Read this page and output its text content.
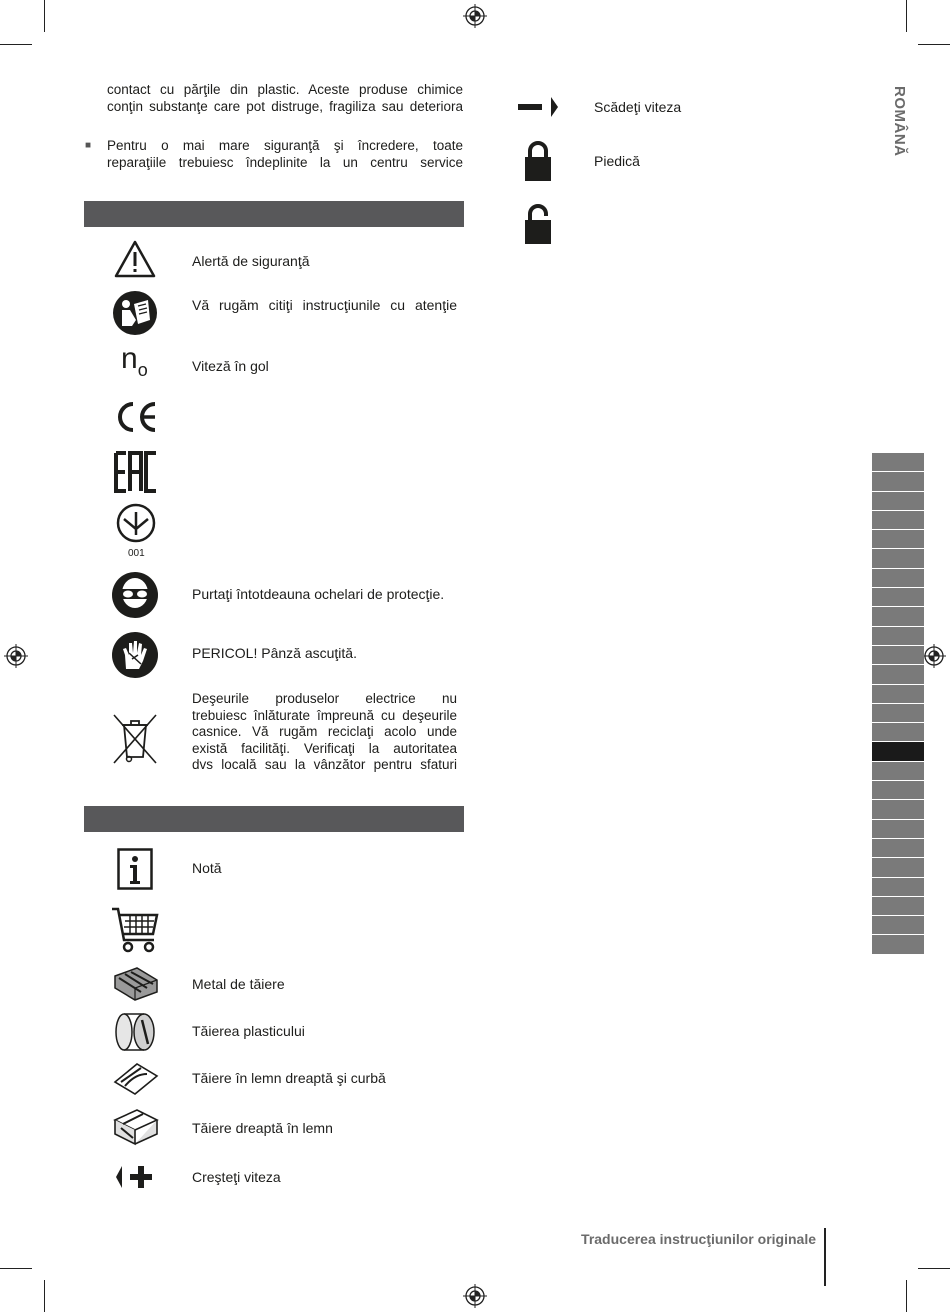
contact cu părţile din plastic. Aceste produse chimice
conţin substanţe care pot distruge, fragiliza sau deteriora
■ Pentru o mai mare siguranţă şi încredere, toate
reparaţiile trebuiesc îndeplinite la un centru service
Alertă de siguranţă
Vă rugăm citiţi instrucţiunile cu atenţie
$n_o$	Viteză în gol
001
Purtaţi întotdeauna ochelari de protecţie.
PERICOL! Pânză ascuţită.
Deşeurile produselor electrice nu
trebuiesc înlăturate împreună cu deşeurile
casnice. Vă rugăm reciclaţi acolo unde
există facilităţi. Verificaţi la autoritatea
dvs locală sau la vânzător pentru sfaturi
Notă
Metal de tăiere
Tăierea plasticului
Tăiere în lemn dreaptă şi curbă
Tăiere dreaptă în lemn
Creşteţi viteza
Scădeţi viteza
Piedică
ROMÂNĂ
Traducerea instrucţiunilor originale
